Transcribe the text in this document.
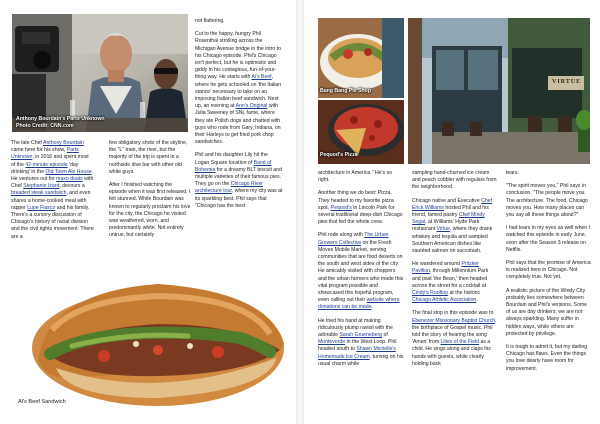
Anthony Bourdain's Parts Unknown
Photo Credit: CNN.com

The late Chef Anthony Bourdain came here for his show, Parts Unknown, in 2016 and spent most of the 42-minute episode 'day drinking' in the Old Town Ale House. He ventures out for maxo doats with Chef Stephanie Izard, devours a breaded steak sandwich, and even shares a home-cooked meal with rapper Lupe Fiasco and his family. There's a cursory discussion of Chicago's history of racial division and the civil rights movement. There are a

few obligatory shots of the skyline, the "L" train, the river, but the majority of the trip is spent in a northside dive bar with other old white guys.

After I finished watching the episode when it was first released, I felt stunned. While Bourdain was known to regularly proclaim his love for the city, the Chicago he visited was weathered, worn, and predominantly white. Not entirely untrue, but certainly

not flattering.

Cut to the happy, hungry Phil Rosenthal strolling across the Michigan Avenue bridge in the intro to his Chicago episode. Phil's Chicago isn't perfect, but he is optimistic and giddy in his contagious, fun-of-your-thing way. He starts with Al's Beef, where he gets schooled on 'the Italian stance' necessary to take on an imposing Italian beef sandwich. Next up, an evening at Ann's Original with Julia Sweeney of SNL fame, where they ate Polish dogs and chatted with guys who rode from Gary, Indiana, on their Harleys to get fried pork chop sandwiches.

Phil and his daughter Lily hit the Logan Square location of Band of Bohemia for a dreamy BLT biscuit and multiple varieties of their famous pies. They go on the Chicago River architecture tour, where my city was at its sparkling best. Phil says that "Chicago has the best

Al's Beef Sandwich
Bang Bang Pie Shop
Pequod's Pizza
VIRTUE

architecture in America." He's so right.

Another thing we do best: Pizza. They headed to my favorite pizza spot, Pequod's in Lincoln Park for several traditional deep-dish Chicago pies that fed the whole crew.

Phil rode along with The Urban Growers Collective on the Fresh Moves Mobile Market, serving communities that are food deserts on the south and west sides of the city. He amicably visited with shoppers and the urban farmers who made this vital program possible and showcased this hopeful program, even calling out their website where donations can be made.

He tried his hand at making ridiculously plump ravioli with the adorable Sarah Grueneberg of Monteverde in the West Loop. Phil headed south to Shawn Michelle's Homemade Ice Cream, turning on his usual charm while

sampling hand-churned ice cream and peach cobbler with regulars from the neighborhood.

Chicago native and Executive Chef Erick Williams hosted Phil and his friend, famed pastry Chef Mindy Segal, at Williams' Hyde Park restaurant Virtue, where they drank whiskey and tequila and sampled Southern American dishes like sautéed salmon on succotash.

He wandered around Pritzker Pavilion, through Millennium Park and past 'the Bean,' then headed across the street for a cocktail at Cindy's Rooftop at the historic Chicago Athletic Association.

The final stop in this episode was to Ebenezer Missionary Baptist Church, the birthplace of Gospel music. Phil told the story of hearing the song 'Amen' from Lilies of the Field as a child. He sings along and claps his hands with guests, while clearly holding back

tears.

"The spirit moves you," Phil says in conclusion. "The people move you. The architecture. The food. Chicago moves you. How many places can you say all these things about?"

I had tears in my eyes as well when I watched this episode in early June, soon after the Season 3 release on Netflix.

Phil says that the promise of America is realized here in Chicago. Not completely true. Not yet.

A realistic picture of the Windy City probably lies somewhere between Bourdain and Phil's versions. Some of us are day drinkers; we are not always sparkling. Many suffer in hidden ways, while others are protected by privilege.

It is tough to admit it, but my darling Chicago has flaws. Even the things you love dearly have room for improvement.
